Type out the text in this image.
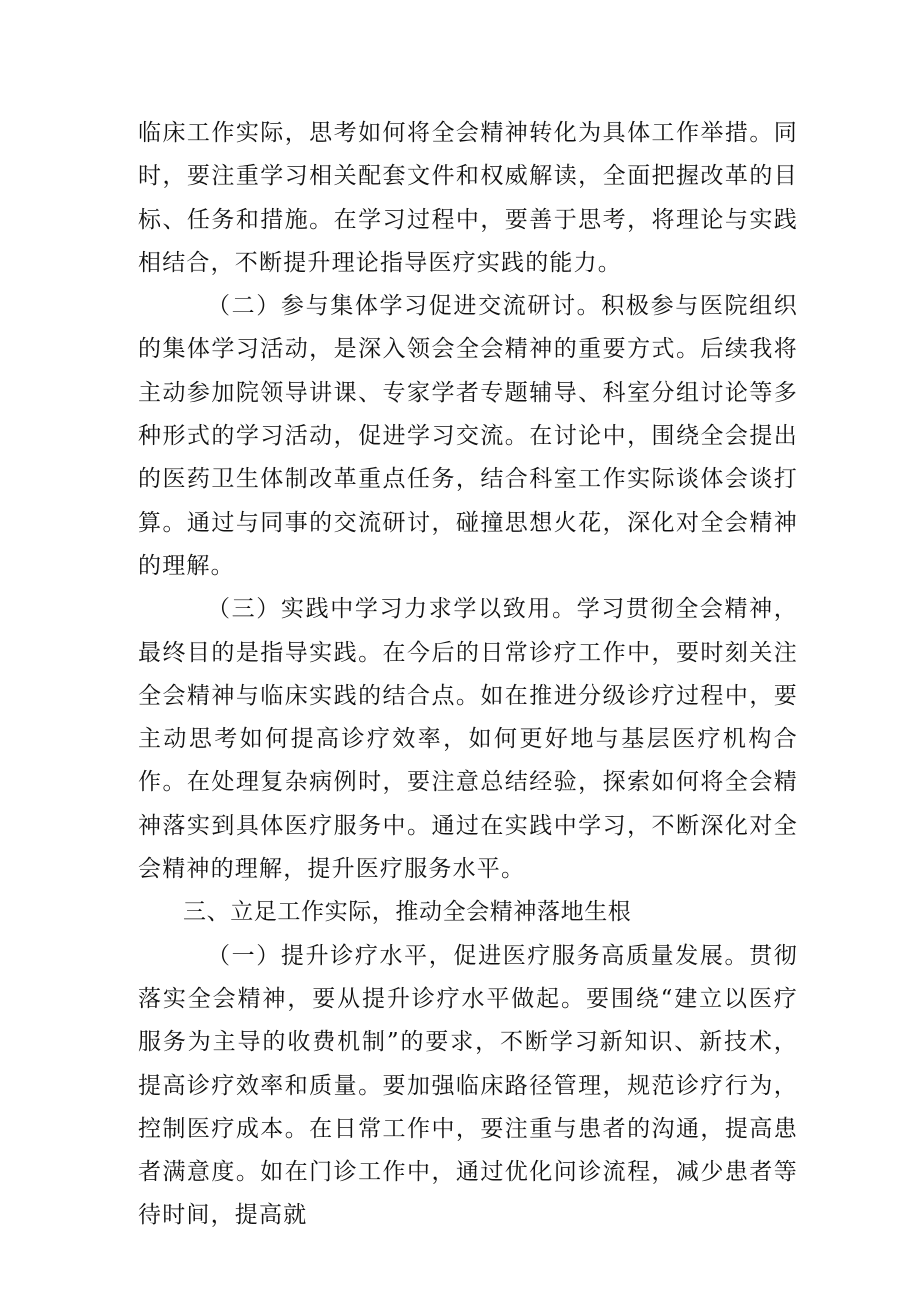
临床工作实际，思考如何将全会精神转化为具体工作举措。同时，要注重学习相关配套文件和权威解读，全面把握改革的目标、任务和措施。在学习过程中，要善于思考，将理论与实践相结合，不断提升理论指导医疗实践的能力。

（二）参与集体学习促进交流研讨。积极参与医院组织的集体学习活动，是深入领会全会精神的重要方式。后续我将主动参加院领导讲课、专家学者专题辅导、科室分组讨论等多种形式的学习活动，促进学习交流。在讨论中，围绕全会提出的医药卫生体制改革重点任务，结合科室工作实际谈体会谈打算。通过与同事的交流研讨，碰撞思想火花，深化对全会精神的理解。

（三）实践中学习力求学以致用。学习贯彻全会精神，最终目的是指导实践。在今后的日常诊疗工作中，要时刻关注全会精神与临床实践的结合点。如在推进分级诊疗过程中，要主动思考如何提高诊疗效率，如何更好地与基层医疗机构合作。在处理复杂病例时，要注意总结经验，探索如何将全会精神落实到具体医疗服务中。通过在实践中学习，不断深化对全会精神的理解，提升医疗服务水平。

三、立足工作实际，推动全会精神落地生根

（一）提升诊疗水平，促进医疗服务高质量发展。贯彻落实全会精神，要从提升诊疗水平做起。要围绕“建立以医疗服务为主导的收费机制”的要求，不断学习新知识、新技术，提高诊疗效率和质量。要加强临床路径管理，规范诊疗行为，控制医疗成本。在日常工作中，要注重与患者的沟通，提高患者满意度。如在门诊工作中，通过优化问诊流程，减少患者等待时间，提高就
